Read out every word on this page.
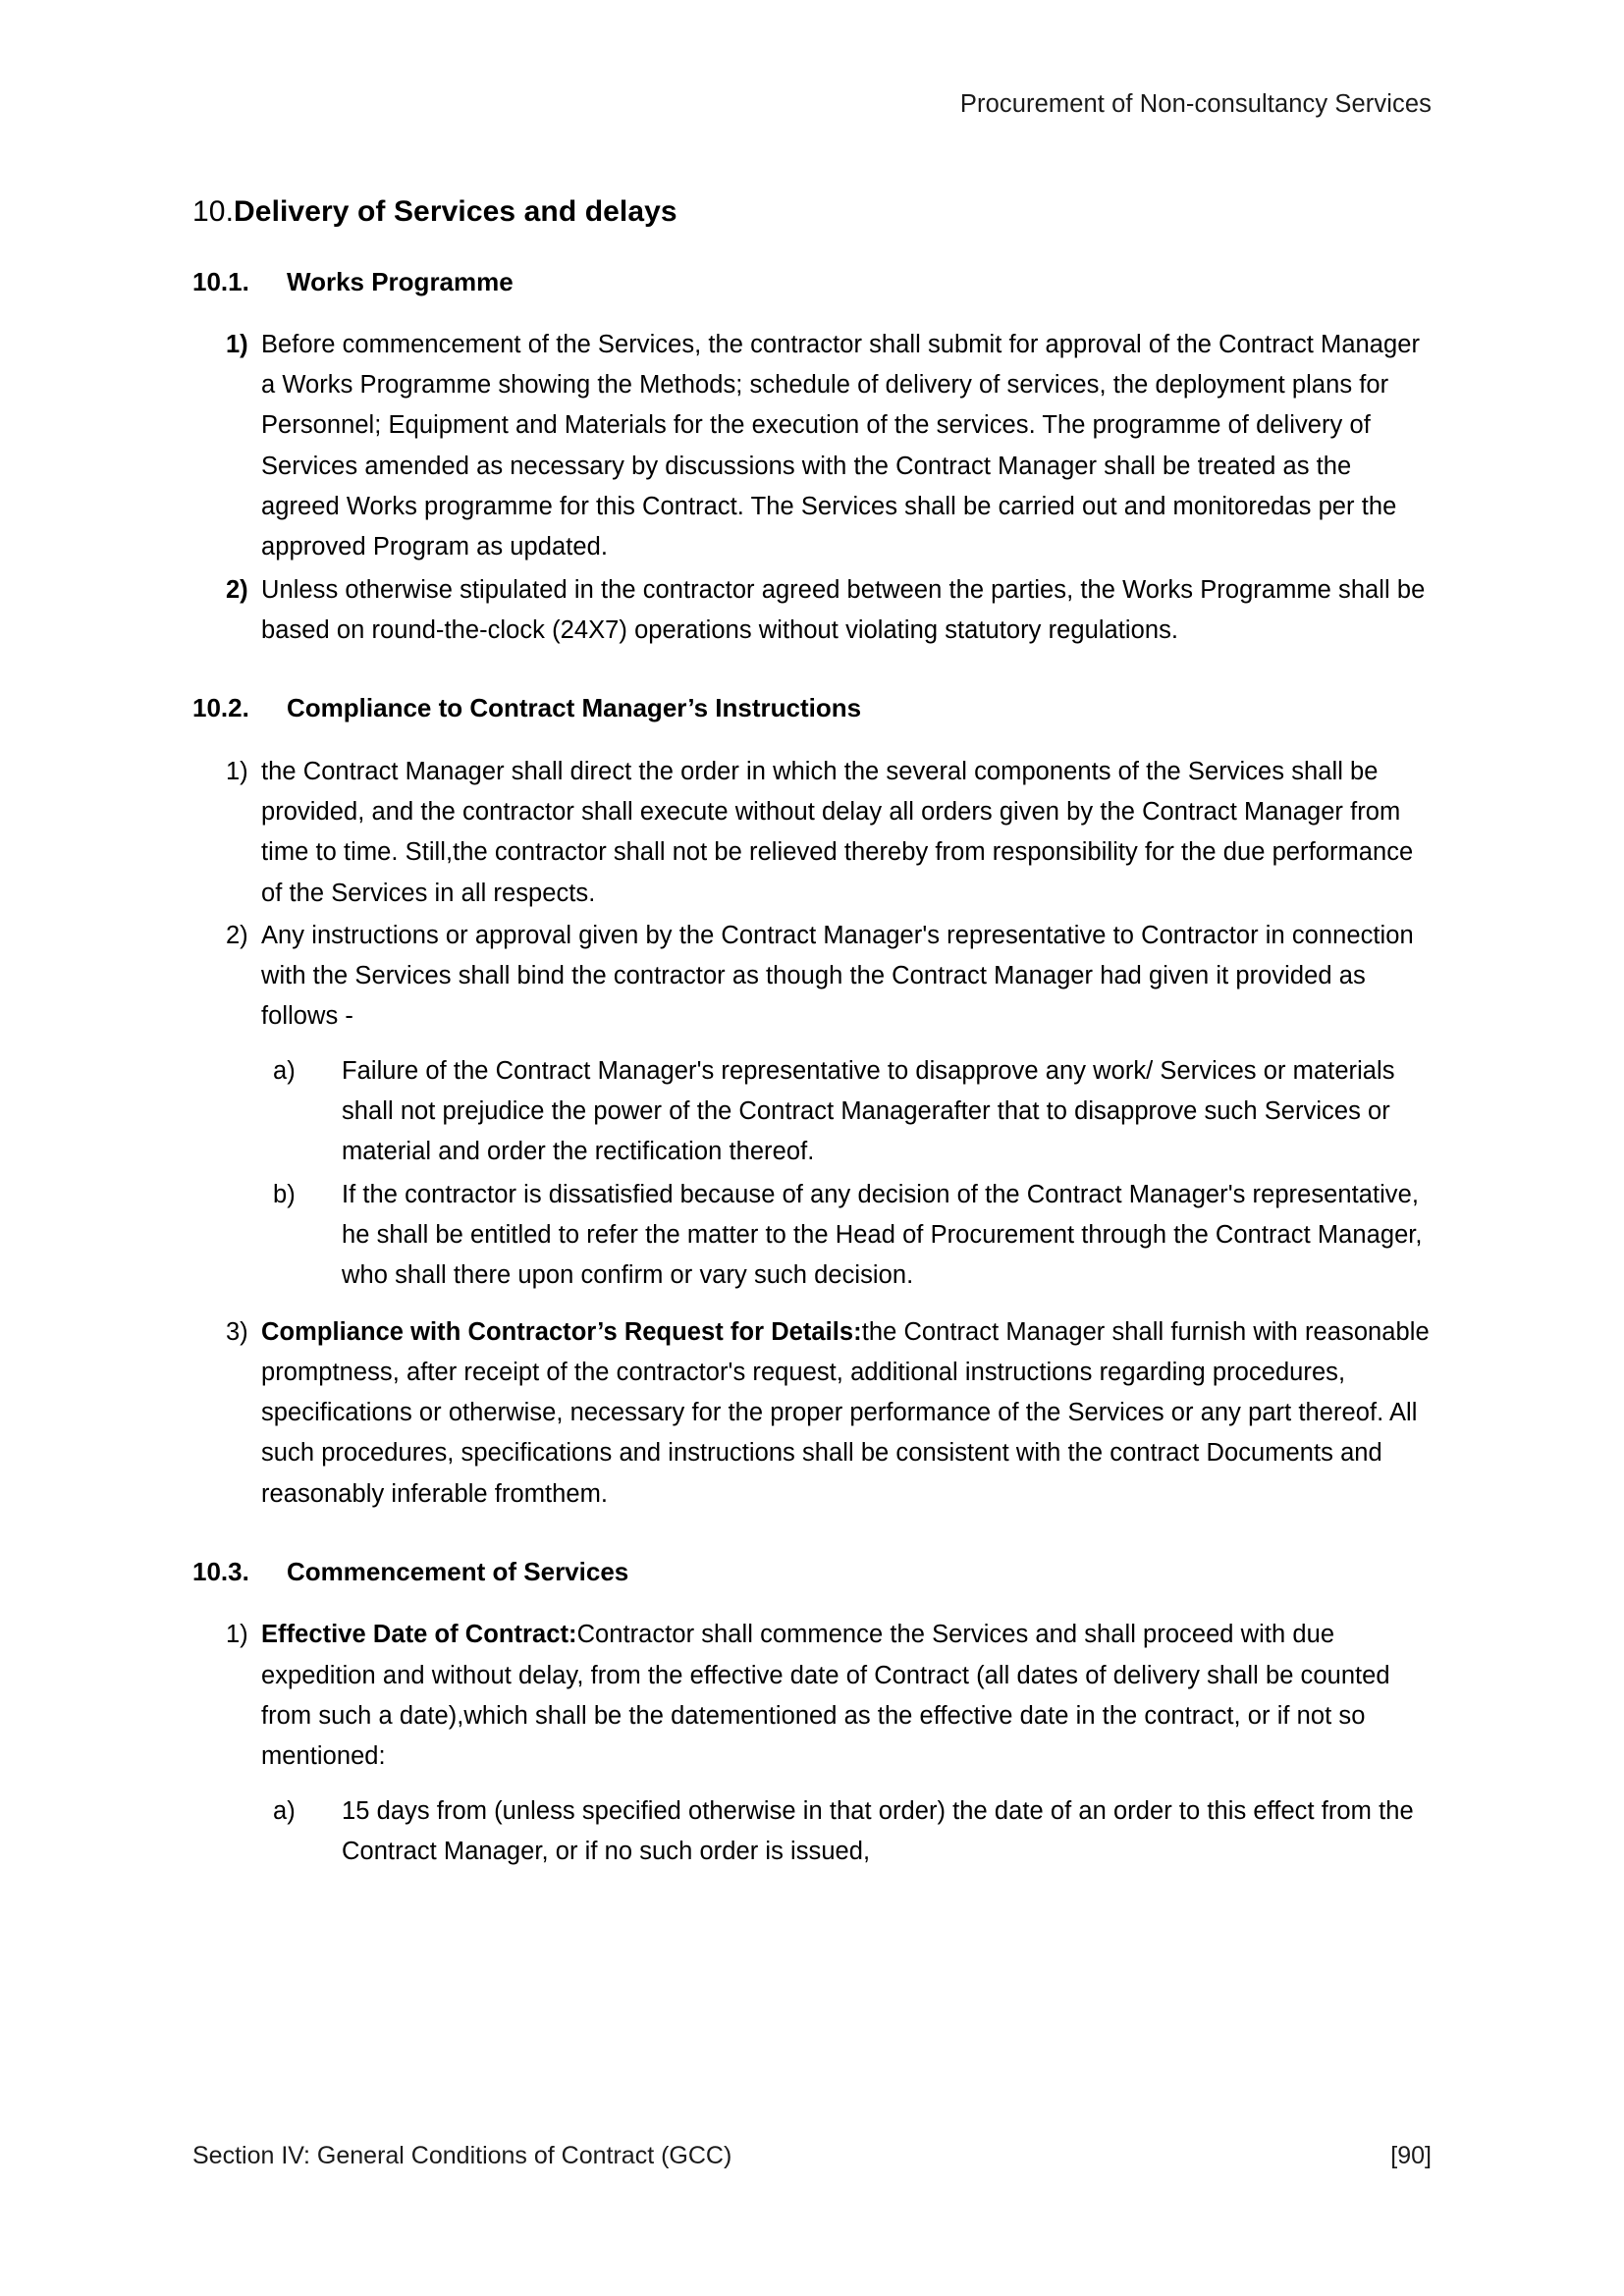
Procurement of Non-consultancy Services
10.Delivery of Services and delays
10.1.	Works Programme
1) Before commencement of the Services, the contractor shall submit for approval of the Contract Manager a Works Programme showing the Methods; schedule of delivery of services, the deployment plans for Personnel; Equipment and Materials for the execution of the services. The programme of delivery of Services amended as necessary by discussions with the Contract Manager shall be treated as the agreed Works programme for this Contract. The Services shall be carried out and monitoredas per the approved Program as updated.
2) Unless otherwise stipulated in the contractor agreed between the parties, the Works Programme shall be based on round-the-clock (24X7) operations without violating statutory regulations.
10.2.	Compliance to Contract Manager’s Instructions
1) the Contract Manager shall direct the order in which the several components of the Services shall be provided, and the contractor shall execute without delay all orders given by the Contract Manager from time to time. Still,the contractor shall not be relieved thereby from responsibility for the due performance of the Services in all respects.
2) Any instructions or approval given by the Contract Manager's representative to Contractor in connection with the Services shall bind the contractor as though the Contract Manager had given it provided as follows -
a)	Failure of the Contract Manager's representative to disapprove any work/ Services or materials shall not prejudice the power of the Contract Managerafter that to disapprove such Services or material and order the rectification thereof.
b)	If the contractor is dissatisfied because of any decision of the Contract Manager's representative, he shall be entitled to refer the matter to the Head of Procurement through the Contract Manager, who shall there upon confirm or vary such decision.
3) Compliance with Contractor’s Request for Details:the Contract Manager shall furnish with reasonable promptness, after receipt of the contractor's request, additional instructions regarding procedures, specifications or otherwise, necessary for the proper performance of the Services or any part thereof. All such procedures, specifications and instructions shall be consistent with the contract Documents and reasonably inferable fromthem.
10.3.	Commencement of Services
1) Effective Date of Contract:Contractor shall commence the Services and shall proceed with due expedition and without delay, from the effective date of Contract (all dates of delivery shall be counted from such a date),which shall be the datementioned as the effective date in the contract, or if not so mentioned:
a)	15 days from (unless specified otherwise in that order) the date of an order to this effect from the Contract Manager, or if no such order is issued,
Section IV: General Conditions of Contract (GCC)	[90]
